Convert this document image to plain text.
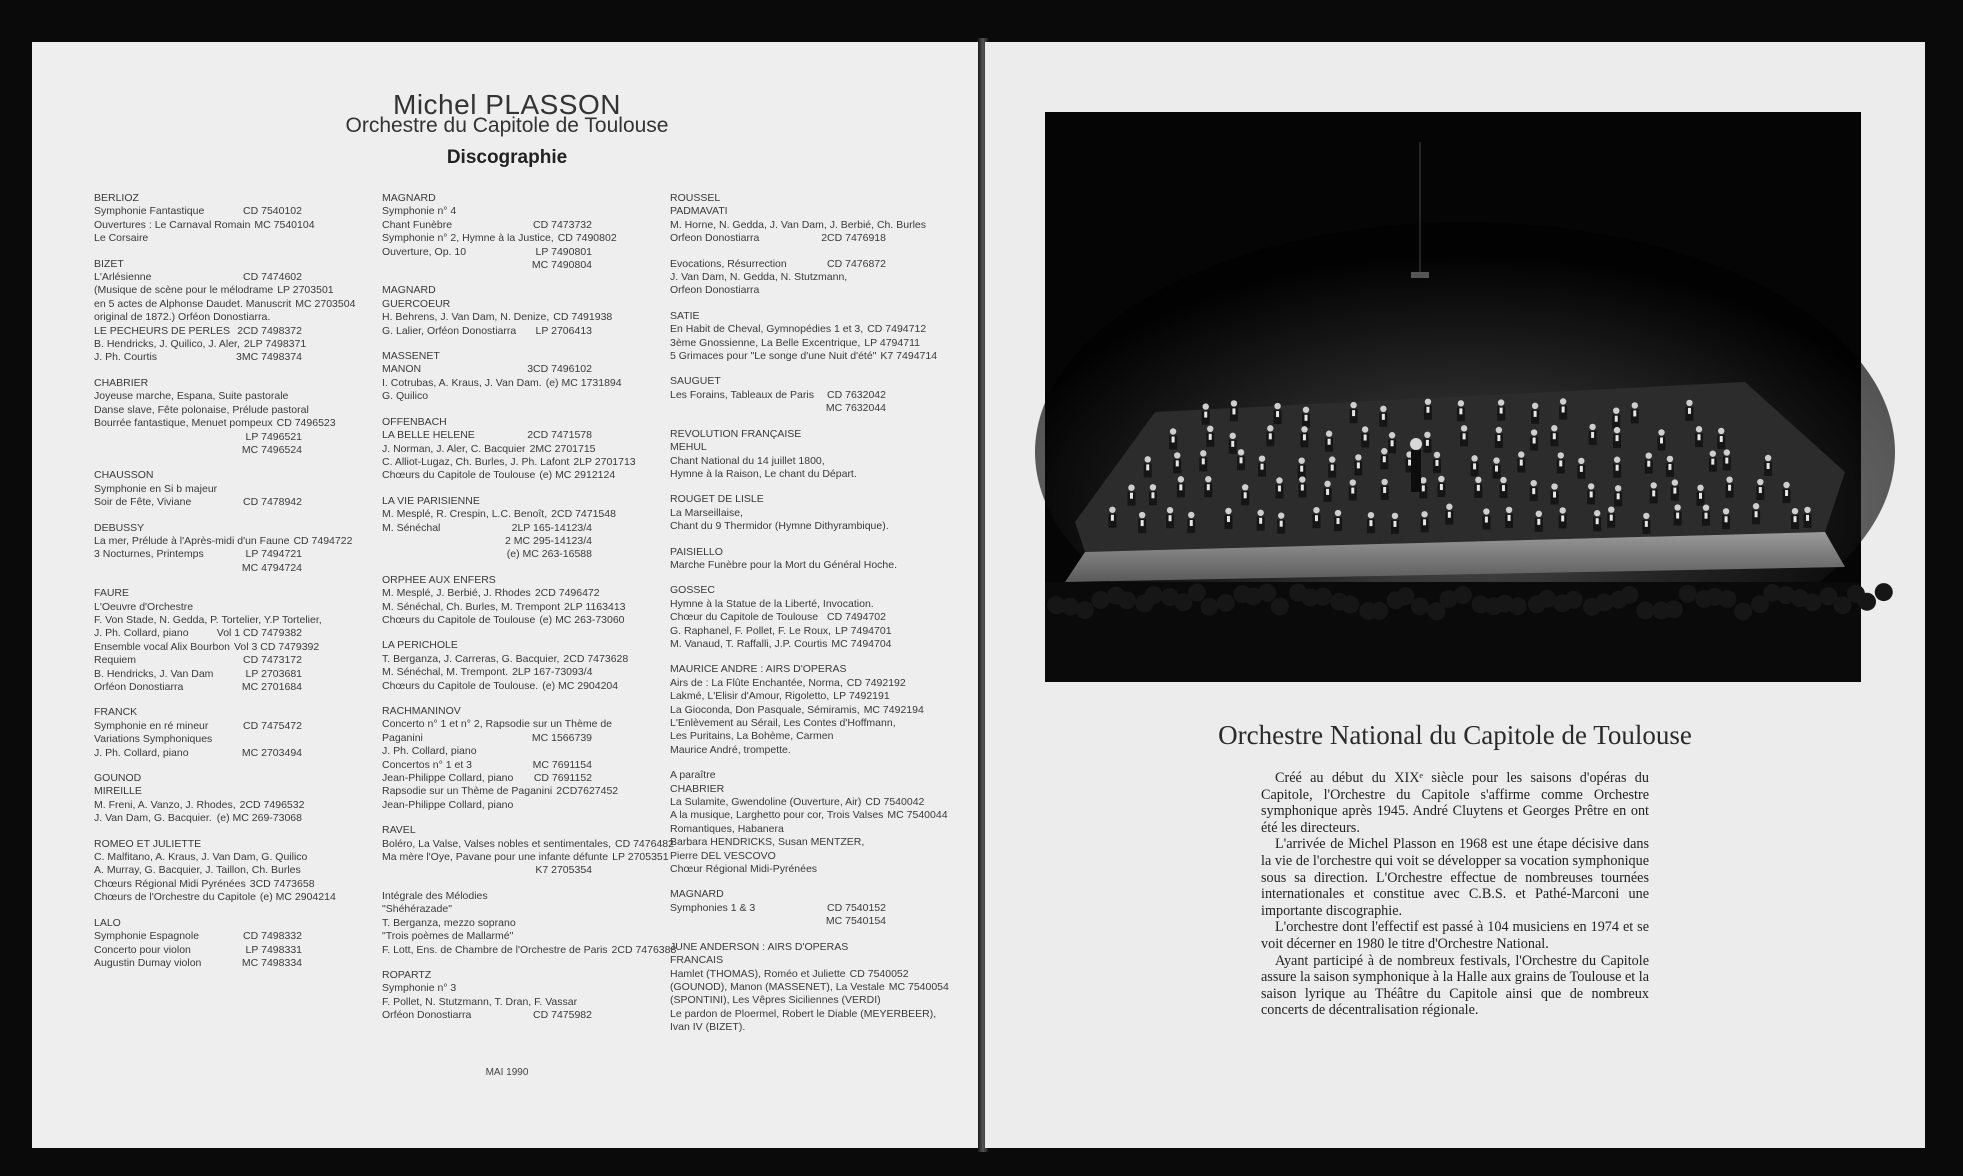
Michel PLASSON
Orchestre du Capitole de Toulouse
Discographie
BERLIOZ
Symphonie Fantastique	CD 7540102
Ouvertures : Le Carnaval Romain MC 7540104
Le Corsaire
BIZET
L'Arlésienne	CD 7474602
(Musique de scène pour le mélodrame LP 2703501
en 5 actes de Alphonse Daudet. Manuscrit MC 2703504
original de 1872.) Orféon Donostiarra.
LE PECHEURS DE PERLES 2CD 7498372
B. Hendricks, J. Quilico, J. Aler, 2LP 7498371
J. Ph. Courtis	3MC 7498374
CHABRIER
Joyeuse marche, Espana, Suite pastorale
Danse slave, Fête polonaise, Prélude pastoral
Bourrée fantastique, Menuet pompeux CD 7496523
LP 7496521
MC 7496524
CHAUSSON
Symphonie en Si b majeur
Soir de Fête, Viviane	CD 7478942
DEBUSSY
La mer, Prélude à l'Après-midi d'un Faune CD 7494722
3 Nocturnes, Printemps	LP 7494721
MC 4794724
FAURE
L'Oeuvre d'Orchestre
F. Von Stade, N. Gedda, P. Tortelier, Y.P Tortelier,
J. Ph. Collard, piano	Vol 1 CD 7479382
Ensemble vocal Alix Bourbon Vol 3 CD 7479392
Requiem	CD 7473172
B. Hendricks, J. Van Dam	LP 2703681
Orféon Donostiarra	MC 2701684
FRANCK
Symphonie en ré mineur	CD 7475472
Variations Symphoniques
J. Ph. Collard, piano	MC 2703494
GOUNOD
MIREILLE
M. Freni, A. Vanzo, J. Rhodes, 2CD 7496532
J. Van Dam, G. Bacquier. (e) MC 269-73068
ROMEO ET JULIETTE
C. Malfitano, A. Kraus, J. Van Dam, G. Quilico
A. Murray, G. Bacquier, J. Taillon, Ch. Burles
Chœurs Régional Midi Pyrénées 3CD 7473658
Chœurs de l'Orchestre du Capitole (e) MC 2904214
LALO
Symphonie Espagnole	CD 7498332
Concerto pour violon	LP 7498331
Augustin Dumay violon	MC 7498334
MAGNARD
Symphonie n° 4
Chant Funèbre	CD 7473732
Symphonie n° 2, Hymne à la Justice, CD 7490802
Ouverture, Op. 10	LP 7490801
MC 7490804
MAGNARD
GUERCOEUR
H. Behrens, J. Van Dam, N. Denize, CD 7491938
G. Lalier, Orféon Donostiarra	LP 2706413
MASSENET
MANON	3CD 7496102
I. Cotrubas, A. Kraus, J. Van Dam. (e) MC 1731894
G. Quilico
OFFENBACH
LA BELLE HELENE	2CD 7471578
J. Norman, J. Aler, C. Bacquier 2MC 2701715
C. Alliot-Lugaz, Ch. Burles, J. Ph. Lafont 2LP 2701713
Chœurs du Capitole de Toulouse (e) MC 2912124
LA VIE PARISIENNE
M. Mesplé, R. Crespin, L.C. Benoît, 2CD 7471548
M. Sénéchal	2LP 165-14123/4
2 MC 295-14123/4
(e) MC 263-16588
ORPHEE AUX ENFERS
M. Mesplé, J. Berbié, J. Rhodes 2CD 7496472
M. Sénéchal, Ch. Burles, M. Trempont 2LP 1163413
Chœurs du Capitole de Toulouse (e) MC 263-73060
LA PERICHOLE
T. Berganza, J. Carreras, G. Bacquier, 2CD 7473628
M. Sénéchal, M. Trempont. 2LP 167-73093/4
Chœurs du Capitole de Toulouse. (e) MC 2904204
RACHMANINOV
Concerto n° 1 et n° 2, Rapsodie sur un Thème de
Paganini	MC 1566739
J. Ph. Collard, piano
Concertos n° 1 et 3	MC 7691154
Jean-Philippe Collard, piano	CD 7691152
Rapsodie sur un Thème de Paganini 2CD7627452
Jean-Philippe Collard, piano
RAVEL
Boléro, La Valse, Valses nobles et sentimentales, CD 7476482
Ma mère l'Oye, Pavane pour une infante défunte LP 2705351
K7 2705354
Intégrale des Mélodies
"Shéhérazade"
T. Berganza, mezzo soprano
"Trois poèmes de Mallarmé"
F. Lott, Ens. de Chambre de l'Orchestre de Paris 2CD 7476388
ROPARTZ
Symphonie n° 3
F. Pollet, N. Stutzmann, T. Dran, F. Vassar
Orféon Donostiarra	CD 7475982
ROUSSEL
PADMAVATI
M. Horne, N. Gedda, J. Van Dam, J. Berbié, Ch. Burles
Orfeon Donostiarra	2CD 7476918
Evocations, Résurrection	CD 7476872
J. Van Dam, N. Gedda, N. Stutzmann,
Orfeon Donostiarra
SATIE
En Habit de Cheval, Gymnopédies 1 et 3, CD 7494712
3ème Gnossienne, La Belle Excentrique, LP 4794711
5 Grimaces pour "Le songe d'une Nuit d'été" K7 7494714
SAUGUET
Les Forains, Tableaux de Paris	CD 7632042
MC 7632044
REVOLUTION FRANÇAISE
MEHUL
Chant National du 14 juillet 1800,
Hymne à la Raison, Le chant du Départ.
ROUGET DE LISLE
La Marseillaise,
Chant du 9 Thermidor (Hymne Dithyrambique).
PAISIELLO
Marche Funèbre pour la Mort du Général Hoche.
GOSSEC
Hymne à la Statue de la Liberté, Invocation.
Chœur du Capitole de Toulouse CD 7494702
G. Raphanel, F. Pollet, F. Le Roux, LP 7494701
M. Vanaud, T. Raffalli, J.P. Courtis MC 7494704
MAURICE ANDRE : AIRS D'OPERAS
Airs de : La Flûte Enchantée, Norma, CD 7492192
Lakmé, L'Elisir d'Amour, Rigoletto, LP 7492191
La Gioconda, Don Pasquale, Sémiramis, MC 7492194
L'Enlèvement au Sérail, Les Contes d'Hoffmann,
Les Puritains, La Bohème, Carmen
Maurice André, trompette.
A paraître
CHABRIER
La Sulamite, Gwendoline (Ouverture, Air) CD 7540042
A la musique, Larghetto pour cor, Trois Valses MC 7540044
Romantiques, Habanera
Barbara HENDRICKS, Susan MENTZER,
Pierre DEL VESCOVO
Chœur Régional Midi-Pyrénées
MAGNARD
Symphonies 1 & 3	CD 7540152
MC 7540154
JUNE ANDERSON : AIRS D'OPERAS FRANCAIS
Hamlet (THOMAS), Roméo et Juliette CD 7540052
(GOUNOD), Manon (MASSENET), La Vestale MC 7540054
(SPONTINI), Les Vêpres Siciliennes (VERDI)
Le pardon de Ploermel, Robert le Diable (MEYERBEER),
Ivan IV (BIZET).
MAI 1990
Orchestre National du Capitole de Toulouse

Créé au début du XIXᵉ siècle pour les saisons d'opéras du Capitole, l'Orchestre du Capitole s'affirme comme Orchestre symphonique après 1945. André Cluytens et Georges Prêtre en ont été les directeurs.

L'arrivée de Michel Plasson en 1968 est une étape décisive dans la vie de l'orchestre qui voit se développer sa vocation symphonique sous sa direction. L'Orchestre effectue de nombreuses tournées internationales et constitue avec C.B.S. et Pathé-Marconi une importante discographie.

L'orchestre dont l'effectif est passé à 104 musiciens en 1974 et se voit décerner en 1980 le titre d'Orchestre National.

Ayant participé à de nombreux festivals, l'Orchestre du Capitole assure la saison symphonique à la Halle aux grains de Toulouse et la saison lyrique au Théâtre du Capitole ainsi que de nombreux concerts de décentralisation régionale.
